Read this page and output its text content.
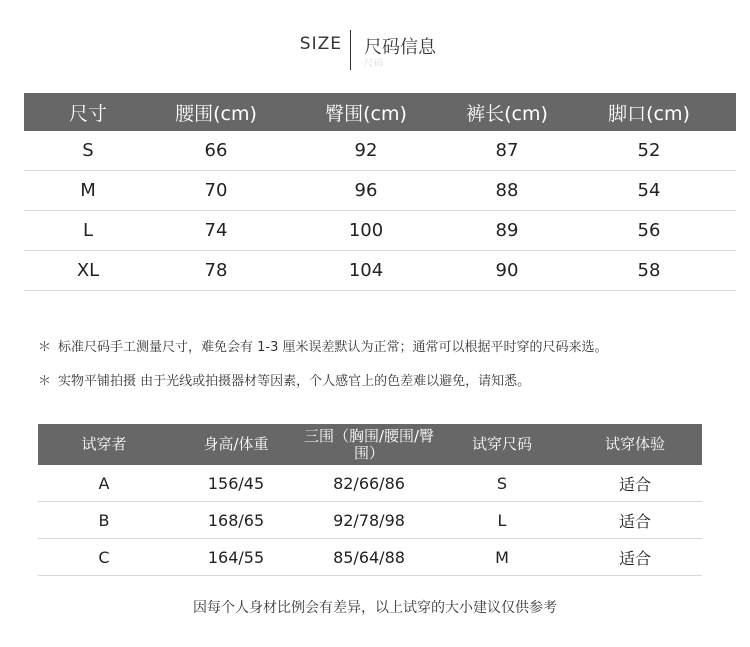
SIZE 尺码信息
尺码
尺寸	腰围(cm)	臀围(cm)	裤长(cm)	脚口(cm)
S	66	92	87	52
M	70	96	88	54
L	74	100	89	56
XL	78	104	90	58
＊ 标准尺码手工测量尺寸，难免会有 1-3 厘米误差默认为正常；通常可以根据平时穿的尺码来选。
＊ 实物平铺拍摄 由于光线或拍摄器材等因素，个人感官上的色差难以避免，请知悉。
试穿者	身高/体重	三围（胸围/腰围/臀围）	试穿尺码	试穿体验
A	156/45	82/66/86	S	适合
B	168/65	92/78/98	L	适合
C	164/55	85/64/88	M	适合
因每个人身材比例会有差异，以上试穿的大小建议仅供参考
